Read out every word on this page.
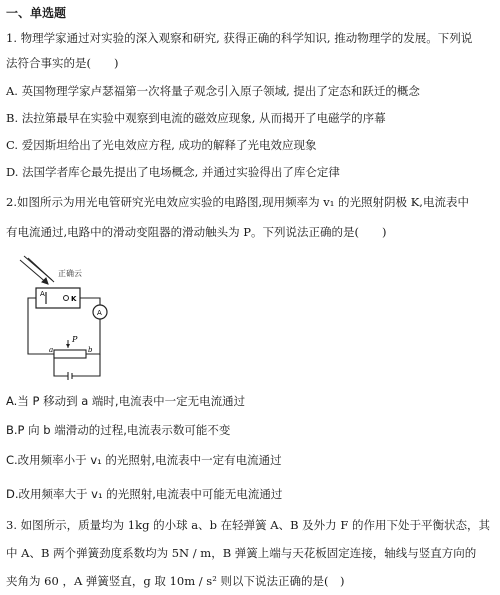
一、单选题
1. 物理学家通过对实验的深入观察和研究, 获得正确的科学知识, 推动物理学的发展。下列说
法符合事实的是(　　)
A. 英国物理学家卢瑟福第一次将量子观念引入原子领域, 提出了定态和跃迁的概念
B. 法拉第最早在实验中观察到电流的磁效应现象, 从而揭开了电磁学的序幕
C. 爱因斯坦给出了光电效应方程, 成功的解释了光电效应现象
D. 法国学者库仑最先提出了电场概念, 并通过实验得出了库仑定律
2.如图所示为用光电管研究光电效应实验的电路图,现用频率为 v₁ 的光照射阴极 K,电流表中
有电流通过,电路中的滑动变阻器的滑动触头为 P。下列说法正确的是(　　)
A
K
A
P
a	b
正确云
A.当 P 移动到 a 端时,电流表中一定无电流通过
B.P 向 b 端滑动的过程,电流表示数可能不变
C.改用频率小于 v₁ 的光照射,电流表中一定有电流通过
D.改用频率大于 v₁ 的光照射,电流表中可能无电流通过
3. 如图所示，质量均为 1kg 的小球 a、b 在轻弹簧 A、B 及外力 F 的作用下处于平衡状态，其
中 A、B 两个弹簧劲度系数均为 5N / m，B 弹簧上端与天花板固定连接，轴线与竖直方向的
夹角为 60 ，A 弹簧竖直，g 取 10m / s² 则以下说法正确的是(　)
